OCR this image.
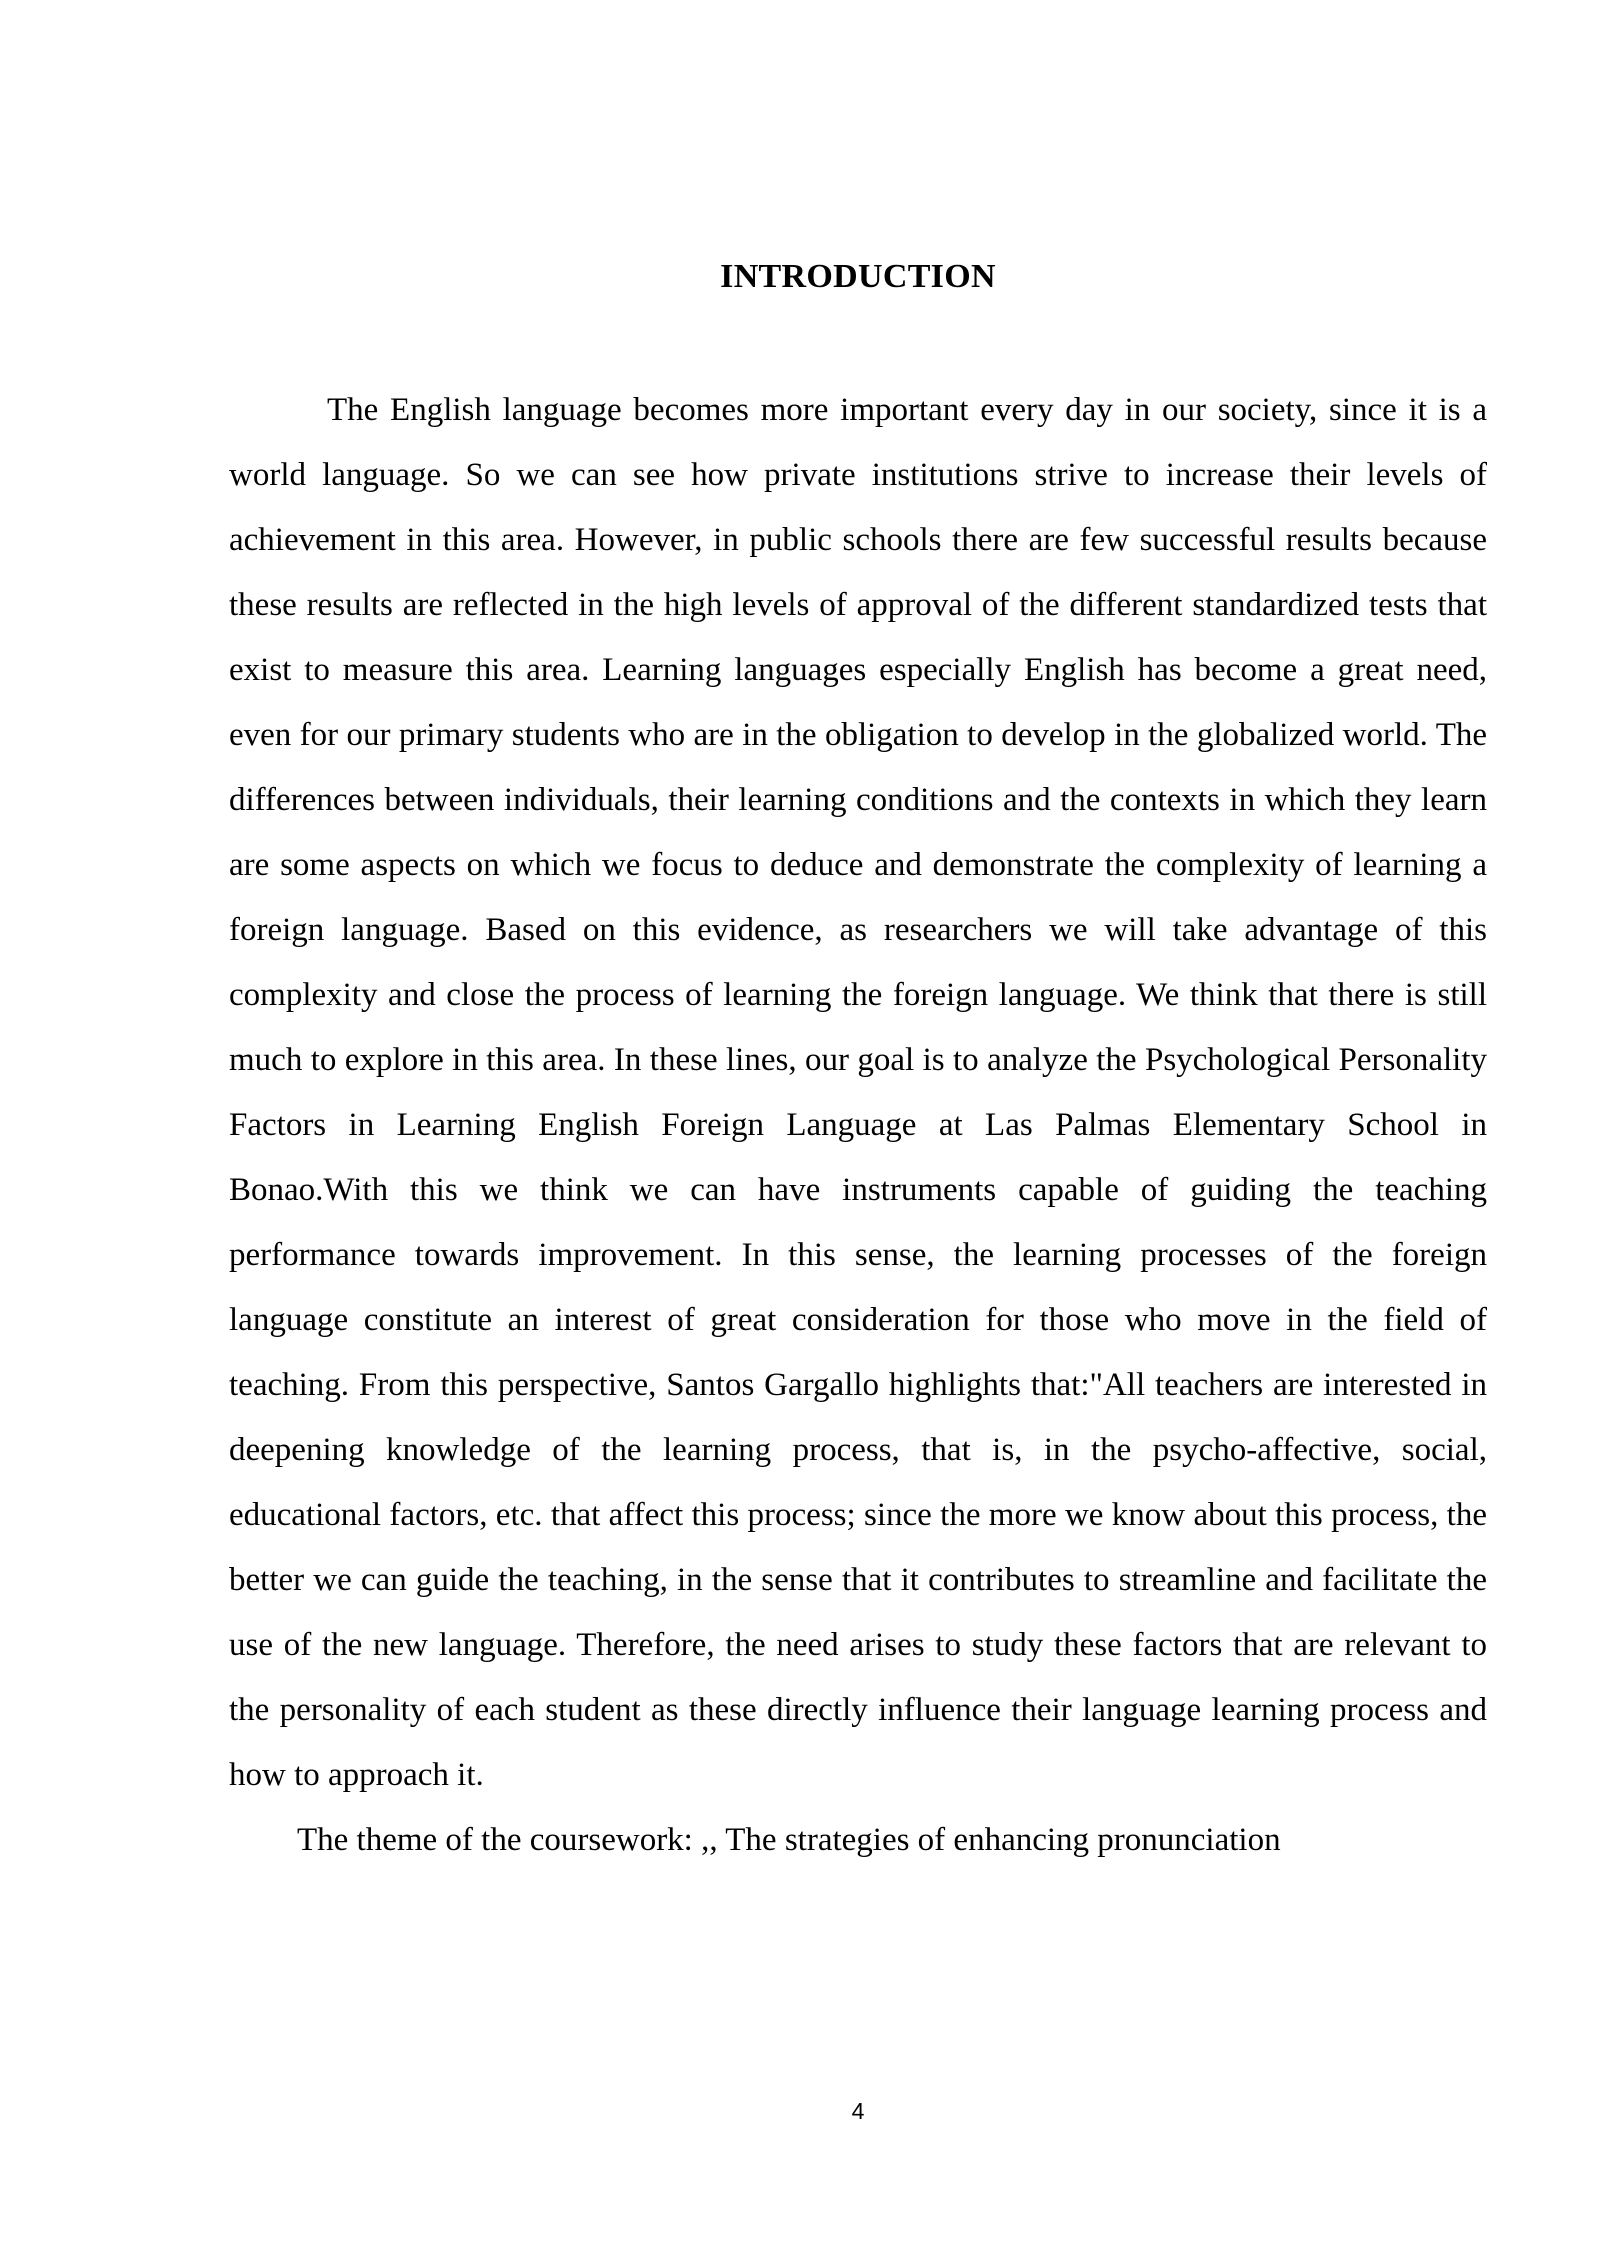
INTRODUCTION

The English language becomes more important every day in our society, since it is a world language. So we can see how private institutions strive to increase their levels of achievement in this area. However, in public schools there are few successful results because these results are reflected in the high levels of approval of the different standardized tests that exist to measure this area. Learning languages especially English has become a great need, even for our primary students who are in the obligation to develop in the globalized world. The differences between individuals, their learning conditions and the contexts in which they learn are some aspects on which we focus to deduce and demonstrate the complexity of learning a foreign language. Based on this evidence, as researchers we will take advantage of this complexity and close the process of learning the foreign language. We think that there is still much to explore in this area. In these lines, our goal is to analyze the Psychological Personality Factors in Learning English Foreign Language at Las Palmas Elementary School in Bonao.With this we think we can have instruments capable of guiding the teaching performance towards improvement. In this sense, the learning processes of the foreign language constitute an interest of great consideration for those who move in the field of teaching. From this perspective, Santos Gargallo highlights that:"All teachers are interested in deepening knowledge of the learning process, that is, in the psycho-affective, social, educational factors, etc. that affect this process; since the more we know about this process, the better we can guide the teaching, in the sense that it contributes to streamline and facilitate the use of the new language. Therefore, the need arises to study these factors that are relevant to the personality of each student as these directly influence their language learning process and how to approach it.

The theme of the coursework: ,, The strategies of enhancing pronunciation

4
